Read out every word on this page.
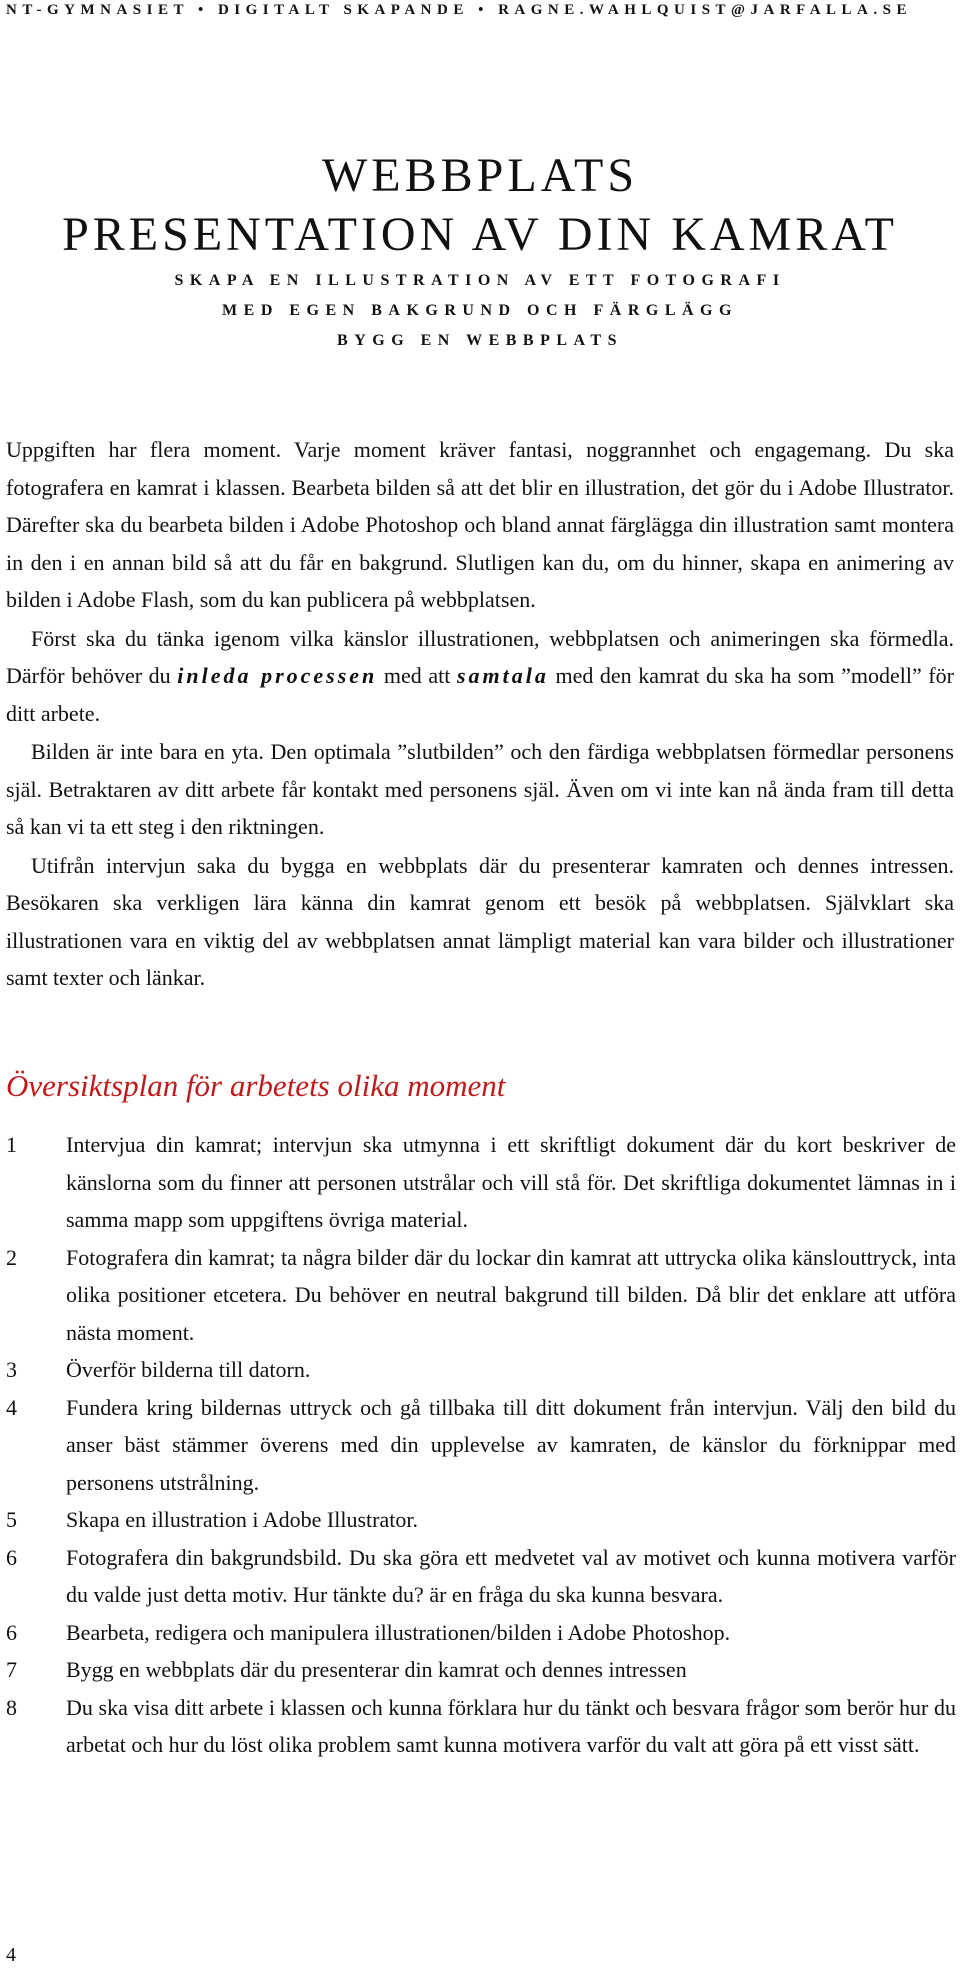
NT-GYMNASIET • DIGITALT SKAPANDE • RAGNE.WAHLQUIST@JARFALLA.SE

WEBBPLATS
PRESENTATION AV DIN KAMRAT

SKAPA EN ILLUSTRATION AV ETT FOTOGRAFI

MED EGEN BAKGRUND OCH FÄRGLÄGG

BYGG EN WEBBPLATS

Uppgiften har flera moment. Varje moment kräver fantasi, noggrannhet och engagemang. Du ska fotografera en kamrat i klassen. Bearbeta bilden så att det blir en illustration, det gör du i Adobe Illustrator. Därefter ska du bearbeta bilden i Adobe Photoshop och bland annat färglägga din illustration samt montera in den i en annan bild så att du får en bakgrund. Slutligen kan du, om du hinner, skapa en animering av bilden i Adobe Flash, som du kan publicera på webbplatsen.

Först ska du tänka igenom vilka känslor illustrationen, webbplatsen och animeringen ska förmedla. Därför behöver du inleda processen med att samtala med den kamrat du ska ha som ”modell” för ditt arbete.

Bilden är inte bara en yta. Den optimala ”slutbilden” och den färdiga webbplatsen förmedlar personens själ. Betraktaren av ditt arbete får kontakt med personens själ. Även om vi inte kan nå ända fram till detta så kan vi ta ett steg i den riktningen.

Utifrån intervjun saka du bygga en webbplats där du presenterar kamraten och dennes intressen. Besökaren ska verkligen lära känna din kamrat genom ett besök på webbplatsen. Självklart ska illustrationen vara en viktig del av webbplatsen annat lämpligt material kan vara bilder och illustrationer samt texter och länkar.

Översiktsplan för arbetets olika moment
1	Intervjua din kamrat; intervjun ska utmynna i ett skriftligt dokument där du kort beskriver de känslorna som du finner att personen utstrålar och vill stå för. Det skriftliga dokumentet lämnas in i samma mapp som uppgiftens övriga material.
2	Fotografera din kamrat; ta några bilder där du lockar din kamrat att uttrycka olika känslouttryck, inta olika positioner etcetera. Du behöver en neutral bakgrund till bilden. Då blir det enklare att utföra nästa moment.
3	Överför bilderna till datorn.
4	Fundera kring bildernas uttryck och gå tillbaka till ditt dokument från intervjun. Välj den bild du anser bäst stämmer överens med din upplevelse av kamraten, de känslor du förknippar med personens utstrålning.
5	Skapa en illustration i Adobe Illustrator.
6	Fotografera din bakgrundsbild. Du ska göra ett medvetet val av motivet och kunna motivera varför du valde just detta motiv. Hur tänkte du? är en fråga du ska kunna besvara.
6	Bearbeta, redigera och manipulera illustrationen/bilden i Adobe Photoshop.
7	Bygg en webbplats där du presenterar din kamrat och dennes intressen
8	Du ska visa ditt arbete i klassen och kunna förklara hur du tänkt och besvara frågor som berör hur du arbetat och hur du löst olika problem samt kunna motivera varför du valt att göra på ett visst sätt.

4
